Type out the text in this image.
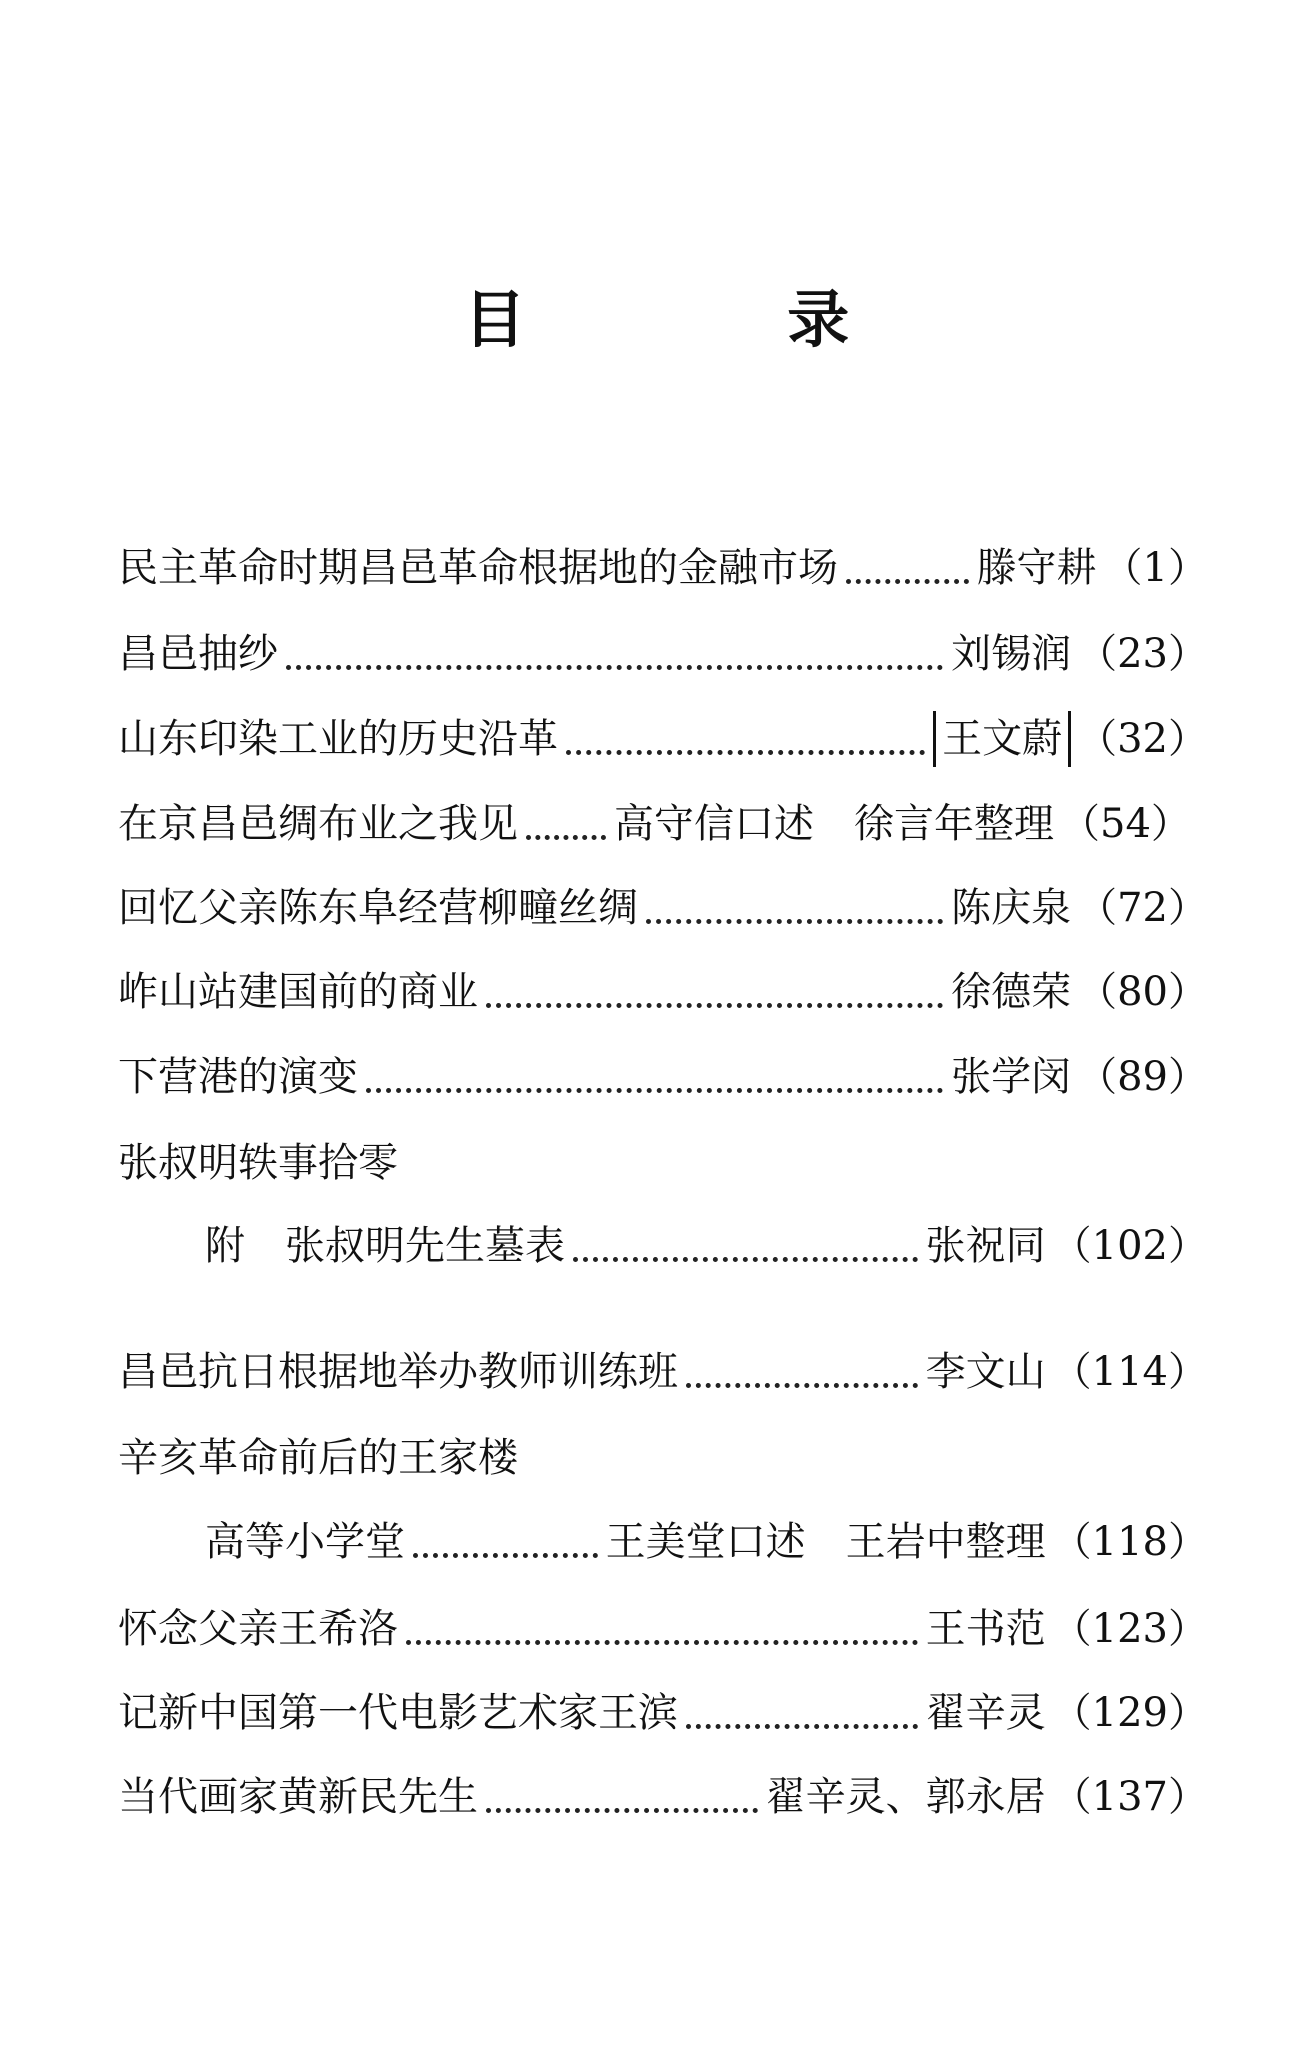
目 录
民主革命时期昌邑革命根据地的金融市场	滕守耕 （1）
昌邑抽纱	刘锡润 （23）
山东印染工业的历史沿革	王文蔚 （32）
在京昌邑绸布业之我见 高守信口述 徐言年整理 （54）
回忆父亲陈东阜经营柳疃丝绸	陈庆泉 （72）
岞山站建国前的商业	徐德荣 （80）
下营港的演变	张学闵 （89）
张叔明轶事拾零
附　张叔明先生墓表	张祝同 （102）
昌邑抗日根据地举办教师训练班	李文山 （114）
辛亥革命前后的王家楼
高等小学堂	王美堂口述 王岩中整理 （118）
怀念父亲王希洛	王书范 （123）
记新中国第一代电影艺术家王滨	翟辛灵 （129）
当代画家黄新民先生	翟辛灵、郭永居 （137）
